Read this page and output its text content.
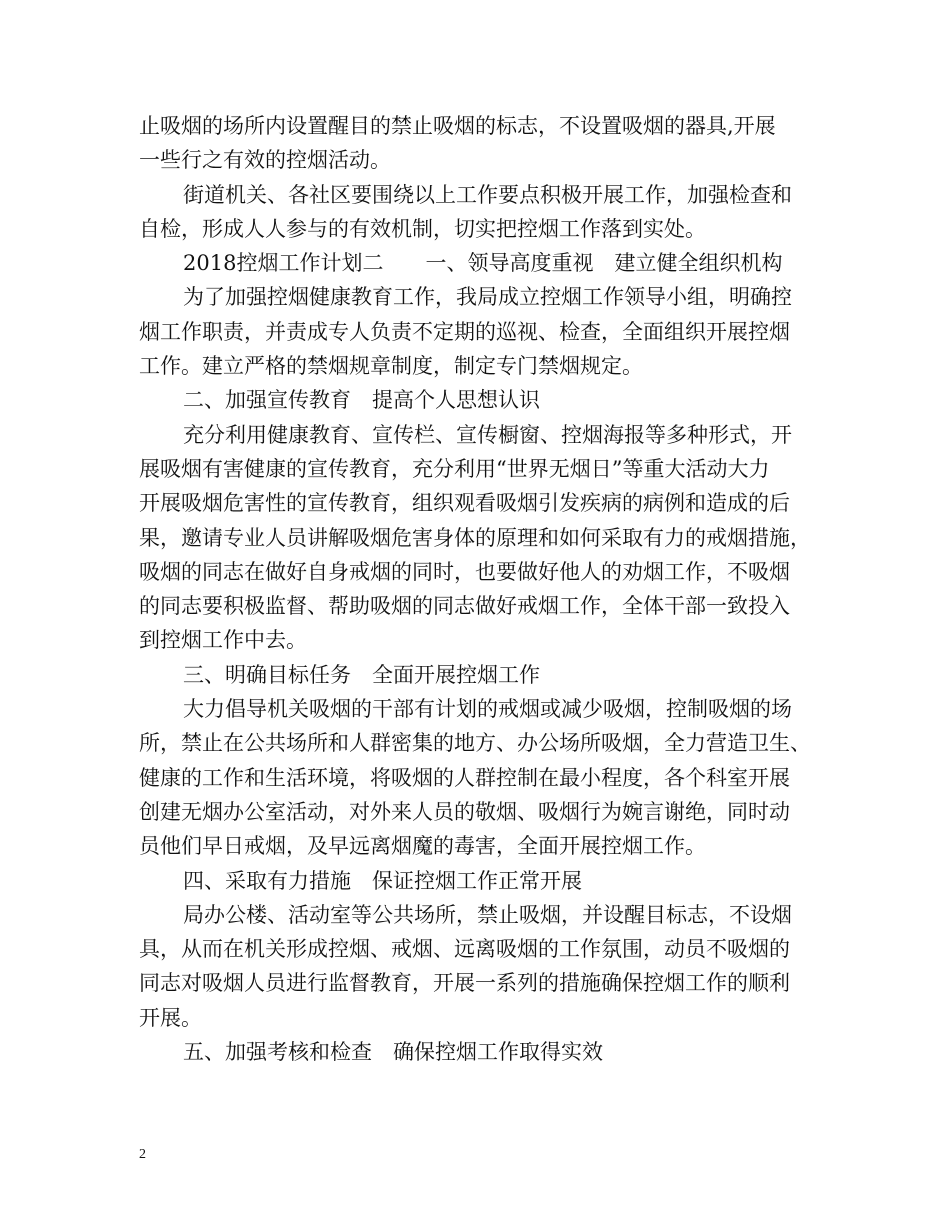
止吸烟的场所内设置醒目的禁止吸烟的标志，不设置吸烟的器具,开展
一些行之有效的控烟活动。
街道机关、各社区要围绕以上工作要点积极开展工作，加强检查和
自检，形成人人参与的有效机制，切实把控烟工作落到实处。
2018控烟工作计划二　　一、领导高度重视　建立健全组织机构
为了加强控烟健康教育工作，我局成立控烟工作领导小组，明确控
烟工作职责，并责成专人负责不定期的巡视、检查，全面组织开展控烟
工作。建立严格的禁烟规章制度，制定专门禁烟规定。
二、加强宣传教育　提高个人思想认识
充分利用健康教育、宣传栏、宣传橱窗、控烟海报等多种形式，开
展吸烟有害健康的宣传教育，充分利用“世界无烟日”等重大活动大力
开展吸烟危害性的宣传教育，组织观看吸烟引发疾病的病例和造成的后
果，邀请专业人员讲解吸烟危害身体的原理和如何采取有力的戒烟措施，
吸烟的同志在做好自身戒烟的同时，也要做好他人的劝烟工作，不吸烟
的同志要积极监督、帮助吸烟的同志做好戒烟工作，全体干部一致投入
到控烟工作中去。
三、明确目标任务　全面开展控烟工作
大力倡导机关吸烟的干部有计划的戒烟或减少吸烟，控制吸烟的场
所，禁止在公共场所和人群密集的地方、办公场所吸烟，全力营造卫生、
健康的工作和生活环境，将吸烟的人群控制在最小程度，各个科室开展
创建无烟办公室活动，对外来人员的敬烟、吸烟行为婉言谢绝，同时动
员他们早日戒烟，及早远离烟魔的毒害，全面开展控烟工作。
四、采取有力措施　保证控烟工作正常开展
局办公楼、活动室等公共场所，禁止吸烟，并设醒目标志，不设烟
具，从而在机关形成控烟、戒烟、远离吸烟的工作氛围，动员不吸烟的
同志对吸烟人员进行监督教育，开展一系列的措施确保控烟工作的顺利
开展。
五、加强考核和检查　确保控烟工作取得实效
2
